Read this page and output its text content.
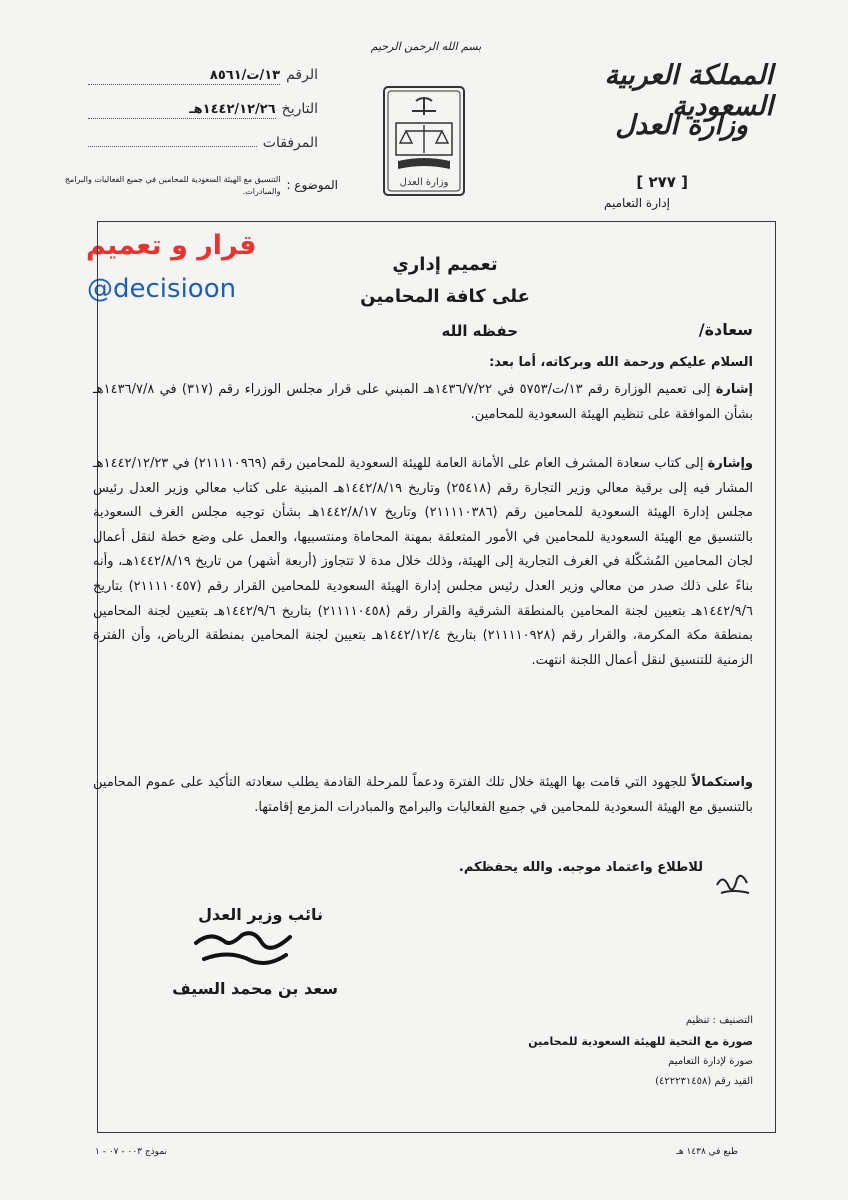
المملكة العربية السعودية
وزارة العدل
[ ٢٧٧ ]
إدارة التعاميم
بسم الله الرحمن الرحيم
وزارة العدل
الرقم
١٣/ت/٨٥٦١
التاريخ
١٤٤٢/١٢/٢٦هـ
المرفقات
الموضوع :
التنسيق مع الهيئة السعودية للمحامين في جميع الفعاليات والبرامج والمبادرات.
قرار و تعميم
@decisioon
تعميم إداري
على كافة المحامين
سعادة/
حفظه الله
السلام عليكم ورحمة الله وبركاته، أما بعد:
إشارة إلى تعميم الوزارة رقم ١٣/ت/٥٧٥٣ في ١٤٣٦/٧/٢٢هـ المبني على قرار مجلس الوزراء رقم (٣١٧) في ١٤٣٦/٧/٨هـ بشأن الموافقة على تنظيم الهيئة السعودية للمحامين.
وإشارة إلى كتاب سعادة المشرف العام على الأمانة العامة للهيئة السعودية للمحامين رقم (٢١١١١٠٩٦٩) في ١٤٤٢/١٢/٢٣هـ المشار فيه إلى برقية معالي وزير التجارة رقم (٢٥٤١٨) وتاريخ ١٤٤٢/٨/١٩هـ المبنية على كتاب معالي وزير العدل رئيس مجلس إدارة الهيئة السعودية للمحامين رقم (٢١١١١٠٣٨٦) وتاريخ ١٤٤٢/٨/١٧هـ بشأن توجيه مجلس الغرف السعودية بالتنسيق مع الهيئة السعودية للمحامين في الأمور المتعلقة بمهنة المحاماة ومنتسبيها، والعمل على وضع خطة لنقل أعمال لجان المحامين المُشكّلة في الغرف التجارية إلى الهيئة، وذلك خلال مدة لا تتجاوز (أربعة أشهر) من تاريخ ١٤٤٢/٨/١٩هـ، وأنه بناءً على ذلك صدر من معالي وزير العدل رئيس مجلس إدارة الهيئة السعودية للمحامين القرار رقم (٢١١١١٠٤٥٧) بتاريخ ١٤٤٢/٩/٦هـ بتعيين لجنة المحامين بالمنطقة الشرقية والقرار رقم (٢١١١١٠٤٥٨) بتاريخ ١٤٤٢/٩/٦هـ بتعيين لجنة المحامين بمنطقة مكة المكرمة، والقرار رقم (٢١١١١٠٩٢٨) بتاريخ ١٤٤٢/١٢/٤هـ بتعيين لجنة المحامين بمنطقة الرياض، وأن الفترة الزمنية للتنسيق لنقل أعمال اللجنة انتهت.
واستكمالاً للجهود التي قامت بها الهيئة خلال تلك الفترة ودعماً للمرحلة القادمة يطلب سعادته التأكيد على عموم المحامين بالتنسيق مع الهيئة السعودية للمحامين في جميع الفعاليات والبرامج والمبادرات المزمع إقامتها.
للاطلاع واعتماد موجبه. والله يحفظكم.
نائب وزير العدل
سعد بن محمد السيف
التصنيف : تنظيم
صورة مع التحية للهيئة السعودية للمحامين
صورة لإدارة التعاميم
القيد رقم (٤٢٢٢٣١٤٥٨)
طبع في ١٤٣٨ هـ
نموذج ٠٠٣ - ٠٧ - ١
